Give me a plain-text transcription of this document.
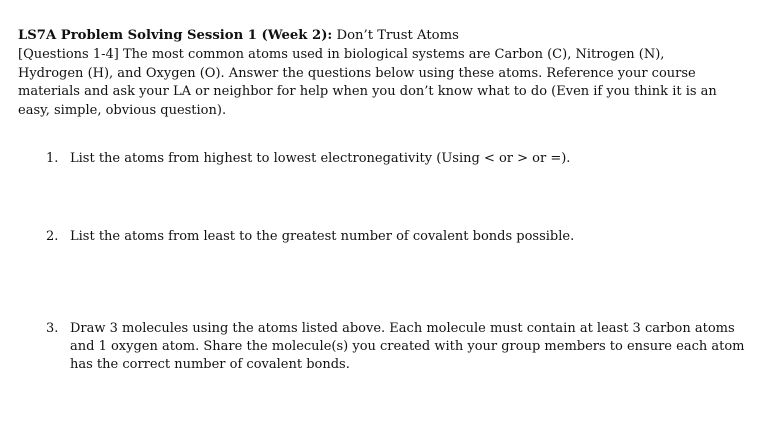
LS7A Problem Solving Session 1 (Week 2): Don’t Trust Atoms
[Questions 1-4] The most common atoms used in biological systems are Carbon (C), Nitrogen (N),
Hydrogen (H), and Oxygen (O). Answer the questions below using these atoms. Reference your course
materials and ask your LA or neighbor for help when you don’t know what to do (Even if you think it is an
easy, simple, obvious question).
1. List the atoms from highest to lowest electronegativity (Using < or > or =).
2. List the atoms from least to the greatest number of covalent bonds possible.
3. Draw 3 molecules using the atoms listed above. Each molecule must contain at least 3 carbon atoms
and 1 oxygen atom. Share the molecule(s) you created with your group members to ensure each atom
has the correct number of covalent bonds.
